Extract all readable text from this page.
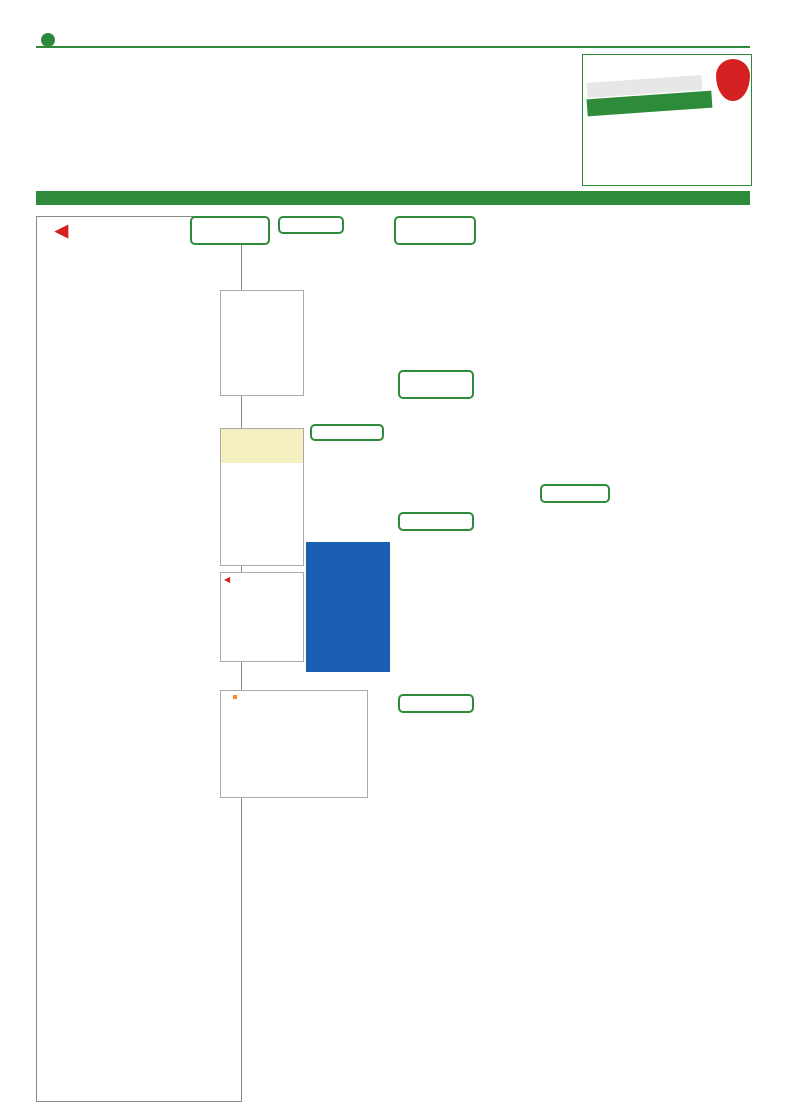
◀
◀
